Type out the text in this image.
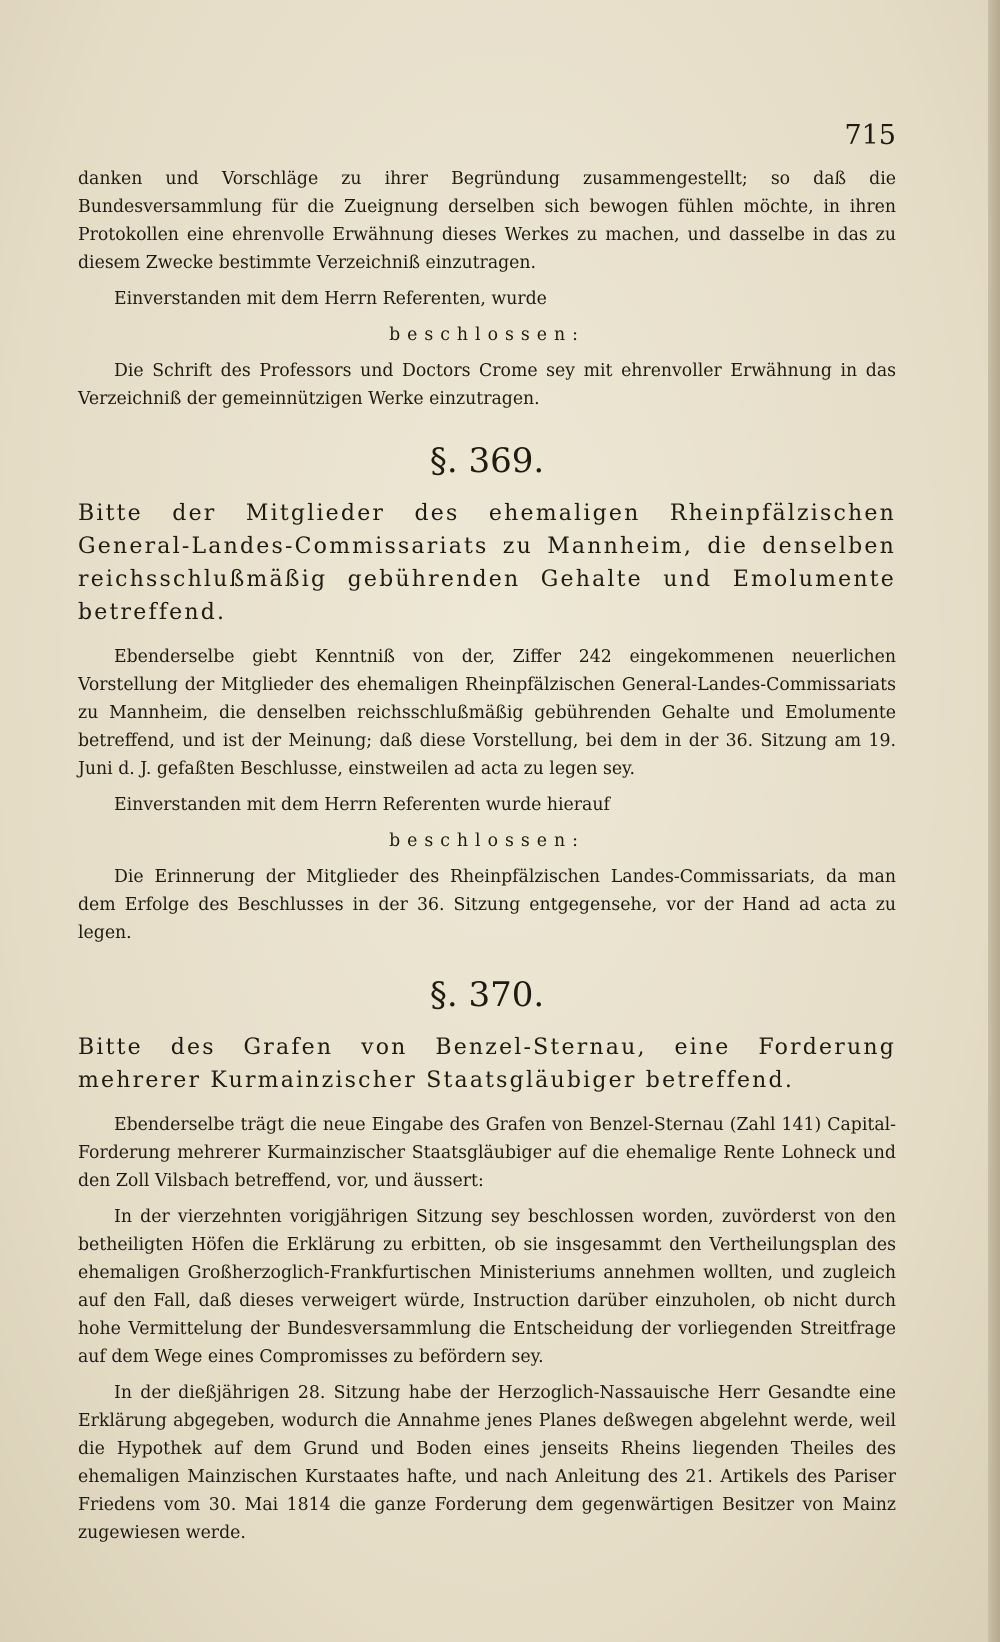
715

danken und Vorschläge zu ihrer Begründung zusammengestellt; so daß die Bundesversammlung für die Zueignung derselben sich bewogen fühlen möchte, in ihren Protokollen eine ehrenvolle Erwähnung dieses Werkes zu machen, und dasselbe in das zu diesem Zwecke bestimmte Verzeichniß einzutragen.

Einverstanden mit dem Herrn Referenten, wurde

beschlossen:

Die Schrift des Professors und Doctors Crome sey mit ehrenvoller Erwähnung in das Verzeichniß der gemeinnützigen Werke einzutragen.

§. 369.

Bitte der Mitglieder des ehemaligen Rheinpfälzischen General-Landes-Commissariats zu Mannheim, die denselben reichsschlußmäßig gebührenden Gehalte und Emolumente betreffend.

Ebenderselbe giebt Kenntniß von der, Ziffer 242 eingekommenen neuerlichen Vorstellung der Mitglieder des ehemaligen Rheinpfälzischen General-Landes-Commissariats zu Mannheim, die denselben reichsschlußmäßig gebührenden Gehalte und Emolumente betreffend, und ist der Meinung; daß diese Vorstellung, bei dem in der 36. Sitzung am 19. Juni d. J. gefaßten Beschlusse, einstweilen ad acta zu legen sey.

Einverstanden mit dem Herrn Referenten wurde hierauf

beschlossen:

Die Erinnerung der Mitglieder des Rheinpfälzischen Landes-Commissariats, da man dem Erfolge des Beschlusses in der 36. Sitzung entgegensehe, vor der Hand ad acta zu legen.

§. 370.

Bitte des Grafen von Benzel-Sternau, eine Forderung mehrerer Kurmainzischer Staatsgläubiger betreffend.

Ebenderselbe trägt die neue Eingabe des Grafen von Benzel-Sternau (Zahl 141) Capital-Forderung mehrerer Kurmainzischer Staatsgläubiger auf die ehemalige Rente Lohneck und den Zoll Vilsbach betreffend, vor, und äussert:

In der vierzehnten vorigjährigen Sitzung sey beschlossen worden, zuvörderst von den betheiligten Höfen die Erklärung zu erbitten, ob sie insgesammt den Vertheilungsplan des ehemaligen Großherzoglich-Frankfurtischen Ministeriums annehmen wollten, und zugleich auf den Fall, daß dieses verweigert würde, Instruction darüber einzuholen, ob nicht durch hohe Vermittelung der Bundesversammlung die Entscheidung der vorliegenden Streitfrage auf dem Wege eines Compromisses zu befördern sey.

In der dießjährigen 28. Sitzung habe der Herzoglich-Nassauische Herr Gesandte eine Erklärung abgegeben, wodurch die Annahme jenes Planes deßwegen abgelehnt werde, weil die Hypothek auf dem Grund und Boden eines jenseits Rheins liegenden Theiles des ehemaligen Mainzischen Kurstaates hafte, und nach Anleitung des 21. Artikels des Pariser Friedens vom 30. Mai 1814 die ganze Forderung dem gegenwärtigen Besitzer von Mainz zugewiesen werde.
